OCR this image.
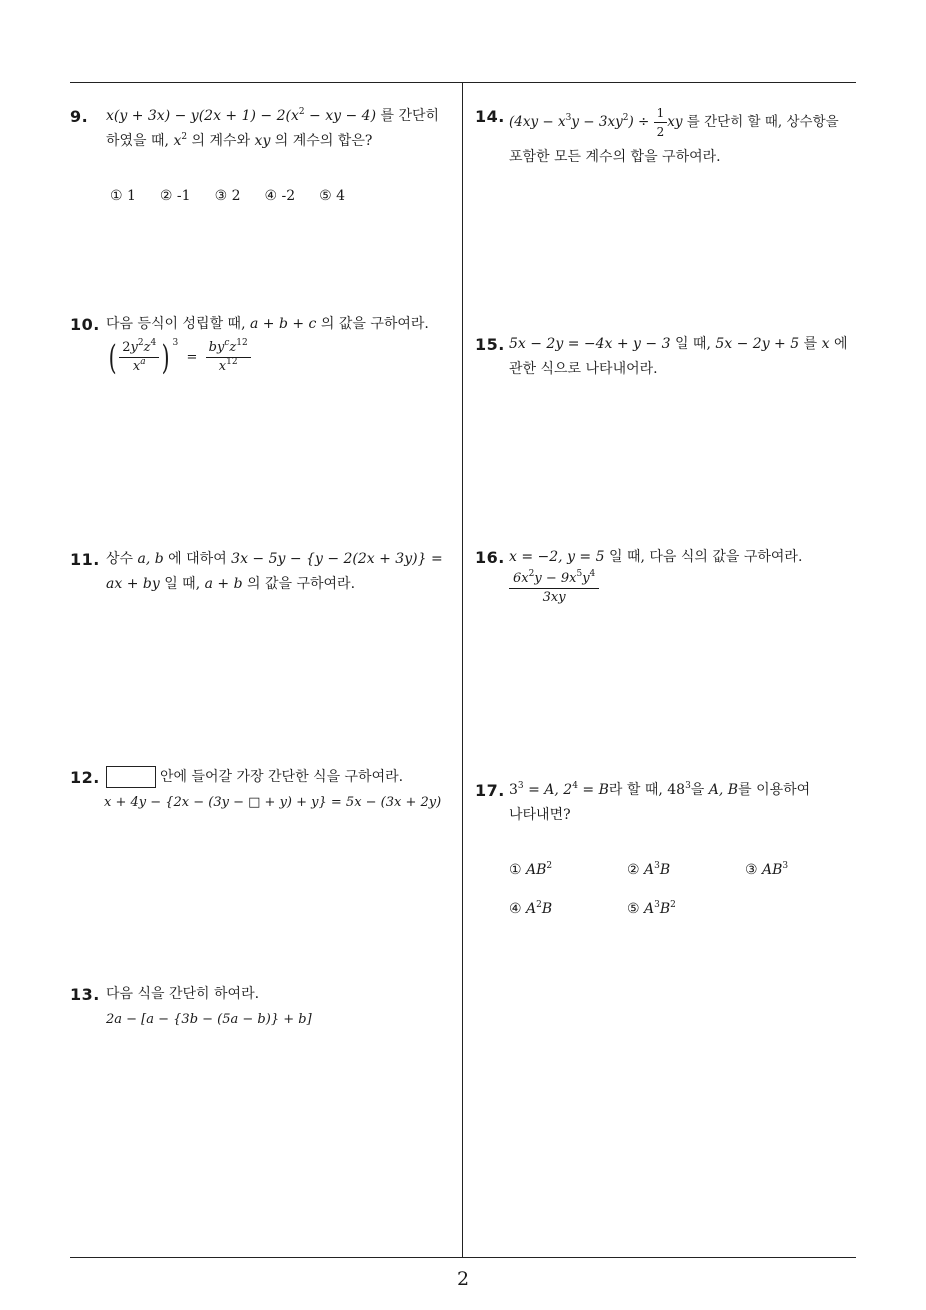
9. $x(y + 3x) - y(2x + 1) - 2(x^2$ − xy − 4) 를 간단히
하였을 때, $x^2$ 의 계수와 xy 의 계수의 합은?
① 1 ② -1 ③ 2 ④ -2 ⑤ 4
10. 다음 등식이 성립할 때, a + b + c 의 값을 구하여라.
( $\frac{2y^2z^4}{x^a}$ ) $^3 = \frac{by^cz^{12}}{x^{12}}$
11. 상수 a, b 에 대하여 3x − 5y − {y − 2(2x + 3y)} =
ax + by 일 때, a + b 의 값을 구하여라.
12.	안에 들어갈 가장 간단한 식을 구하여라.
x + 4y − {2x − (3y − □ + y) + y} = 5x − (3x + 2y)
13. 다음 식을 간단히 하여라.
2a − [a − {3b − (5a − b)} + b]
14. $(4xy - x^3y - 3xy^2) \div \frac{1}{2}$ xy 를 간단히 할 때, 상수항을
포함한 모든 계수의 합을 구하여라.
15. 5x − 2y = −4x + y − 3 일 때, 5x − 2y + 5 를 x 에
관한 식으로 나타내어라.
16. x = −2, y = 5 일 때, 다음 식의 값을 구하여라.
$\frac{6x^2y - 9x^5y^4}{3xy}$
17. $3^3 = A$, $2^4 = B$라 할 때, $48^3$을 A, B를 이용하여
나타내면?
① $AB^2$	② $A^3B$	③ $AB^3$
④ $A^2B$	⑤ $A^3B^2$
2
